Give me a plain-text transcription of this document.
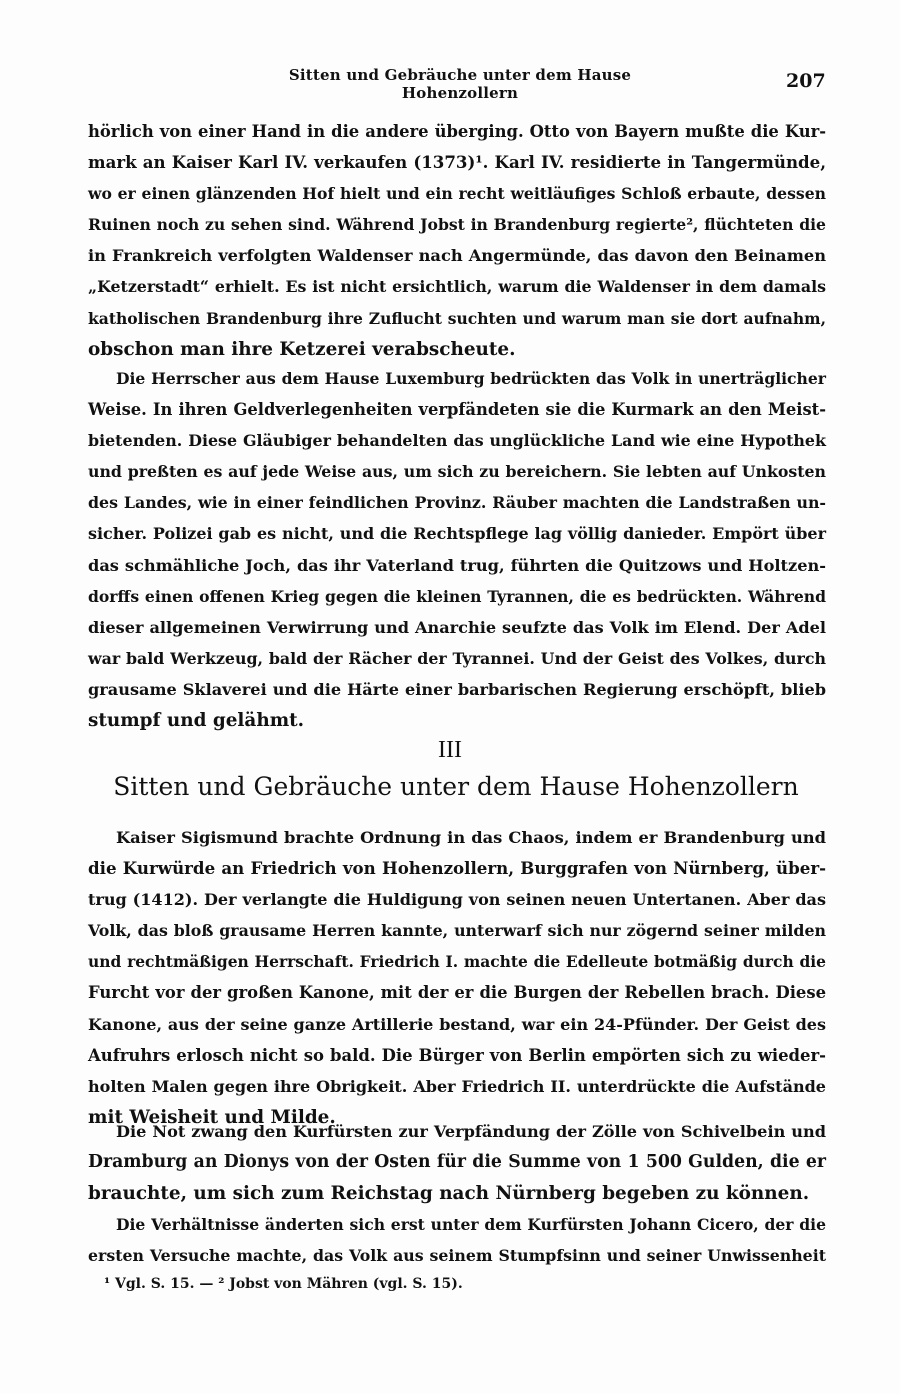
Sitten und Gebräuche unter dem Hause Hohenzollern
207
hörlich von einer Hand in die andere überging. Otto von Bayern mußte die Kur-
mark an Kaiser Karl IV. verkaufen (1373)¹. Karl IV. residierte in Tangermünde,
wo er einen glänzenden Hof hielt und ein recht weitläufiges Schloß erbaute, dessen
Ruinen noch zu sehen sind. Während Jobst in Brandenburg regierte², flüchteten die
in Frankreich verfolgten Waldenser nach Angermünde, das davon den Beinamen
„Ketzerstadt“ erhielt. Es ist nicht ersichtlich, warum die Waldenser in dem damals
katholischen Brandenburg ihre Zuflucht suchten und warum man sie dort aufnahm,
obschon man ihre Ketzerei verabscheute.
Die Herrscher aus dem Hause Luxemburg bedrückten das Volk in unerträglicher
Weise. In ihren Geldverlegenheiten verpfändeten sie die Kurmark an den Meist-
bietenden. Diese Gläubiger behandelten das unglückliche Land wie eine Hypothek
und preßten es auf jede Weise aus, um sich zu bereichern. Sie lebten auf Unkosten
des Landes, wie in einer feindlichen Provinz. Räuber machten die Landstraßen un-
sicher. Polizei gab es nicht, und die Rechtspflege lag völlig danieder. Empört über
das schmähliche Joch, das ihr Vaterland trug, führten die Quitzows und Holtzen-
dorffs einen offenen Krieg gegen die kleinen Tyrannen, die es bedrückten. Während
dieser allgemeinen Verwirrung und Anarchie seufzte das Volk im Elend. Der Adel
war bald Werkzeug, bald der Rächer der Tyrannei. Und der Geist des Volkes, durch
grausame Sklaverei und die Härte einer barbarischen Regierung erschöpft, blieb
stumpf und gelähmt.
III
Sitten und Gebräuche unter dem Hause Hohenzollern
Kaiser Sigismund brachte Ordnung in das Chaos, indem er Brandenburg und
die Kurwürde an Friedrich von Hohenzollern, Burggrafen von Nürnberg, über-
trug (1412). Der verlangte die Huldigung von seinen neuen Untertanen. Aber das
Volk, das bloß grausame Herren kannte, unterwarf sich nur zögernd seiner milden
und rechtmäßigen Herrschaft. Friedrich I. machte die Edelleute botmäßig durch die
Furcht vor der großen Kanone, mit der er die Burgen der Rebellen brach. Diese
Kanone, aus der seine ganze Artillerie bestand, war ein 24-Pfünder. Der Geist des
Aufruhrs erlosch nicht so bald. Die Bürger von Berlin empörten sich zu wieder-
holten Malen gegen ihre Obrigkeit. Aber Friedrich II. unterdrückte die Aufstände
mit Weisheit und Milde.
Die Not zwang den Kurfürsten zur Verpfändung der Zölle von Schivelbein und
Dramburg an Dionys von der Osten für die Summe von 1 500 Gulden, die er
brauchte, um sich zum Reichstag nach Nürnberg begeben zu können.
Die Verhältnisse änderten sich erst unter dem Kurfürsten Johann Cicero, der die
ersten Versuche machte, das Volk aus seinem Stumpfsinn und seiner Unwissenheit
¹ Vgl. S. 15. — ² Jobst von Mähren (vgl. S. 15).
